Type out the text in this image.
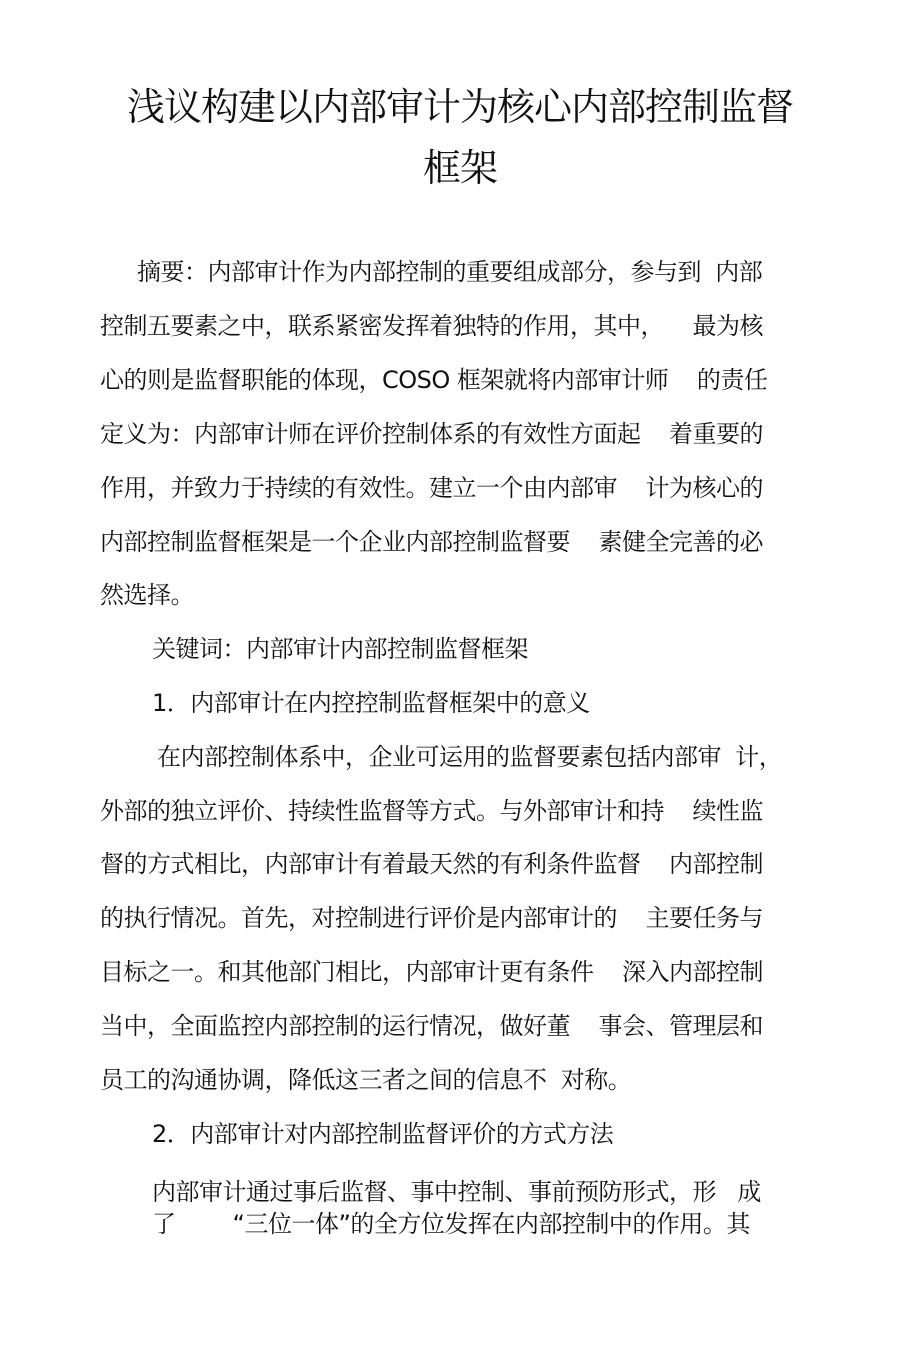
浅议构建以内部审计为核心内部控制监督
框架
摘要：内部审计作为内部控制的重要组成部分，参与到  内部
控制五要素之中，联系紧密发挥着独特的作用，其中，    最为核
心的则是监督职能的体现，COSO 框架就将内部审计师    的责任
定义为：内部审计师在评价控制体系的有效性方面起    着重要的
作用，并致力于持续的有效性。建立一个由内部审    计为核心的
内部控制监督框架是一个企业内部控制监督要    素健全完善的必
然选择。
关键词：内部审计内部控制监督框架
1．内部审计在内控控制监督框架中的意义
在内部控制体系中，企业可运用的监督要素包括内部审  计，
外部的独立评价、持续性监督等方式。与外部审计和持    续性监
督的方式相比，内部审计有着最天然的有利条件监督    内部控制
的执行情况。首先，对控制进行评价是内部审计的    主要任务与
目标之一。和其他部门相比，内部审计更有条件    深入内部控制
当中，全面监控内部控制的运行情况，做好董    事会、管理层和
员工的沟通协调，降低这三者之间的信息不  对称。
2．内部审计对内部控制监督评价的方式方法
内部审计通过事后监督、事中控制、事前预防形式，形   成
了        “三位一体”的全方位发挥在内部控制中的作用。其
